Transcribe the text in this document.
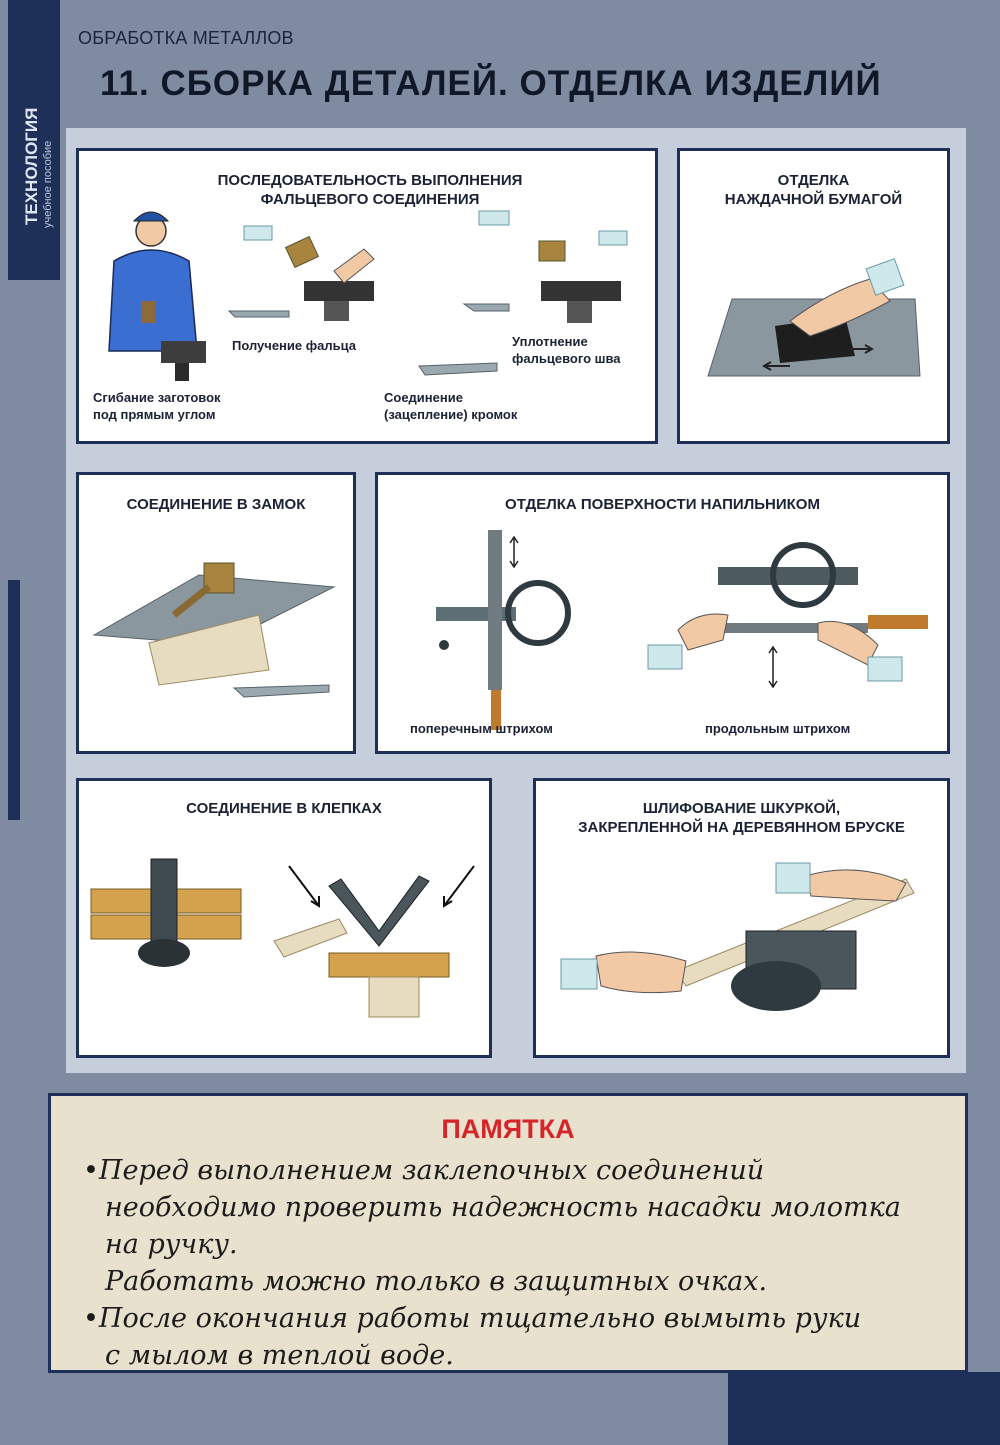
ТЕХНОЛОГИЯ учебное пособие
ОБРАБОТКА МЕТАЛЛОВ
11. СБОРКА ДЕТАЛЕЙ. ОТДЕЛКА ИЗДЕЛИЙ
ПОСЛЕДОВАТЕЛЬНОСТЬ ВЫПОЛНЕНИЯ
ФАЛЬЦЕВОГО СОЕДИНЕНИЯ
Получение фальца
Сгибание заготовок
под прямым углом
Соединение
(зацепление) кромок
Уплотнение
фальцевого шва
ОТДЕЛКА
НАЖДАЧНОЙ БУМАГОЙ
СОЕДИНЕНИЕ В ЗАМОК	ОТДЕЛКА ПОВЕРХНОСТИ НАПИЛЬНИКОМ
поперечным штрихом	продольным штрихом
СОЕДИНЕНИЕ В КЛЕПКАХ	ШЛИФОВАНИЕ ШКУРКОЙ,
ЗАКРЕПЛЕННОЙ НА ДЕРЕВЯННОМ БРУСКЕ
ПАМЯТКА
•Перед выполнением заклепочных соединений
необходимо проверить надежность насадки молотка
на ручку.
Работать можно только в защитных очках.
•После окончания работы тщательно вымыть руки
с мылом в теплой воде.
